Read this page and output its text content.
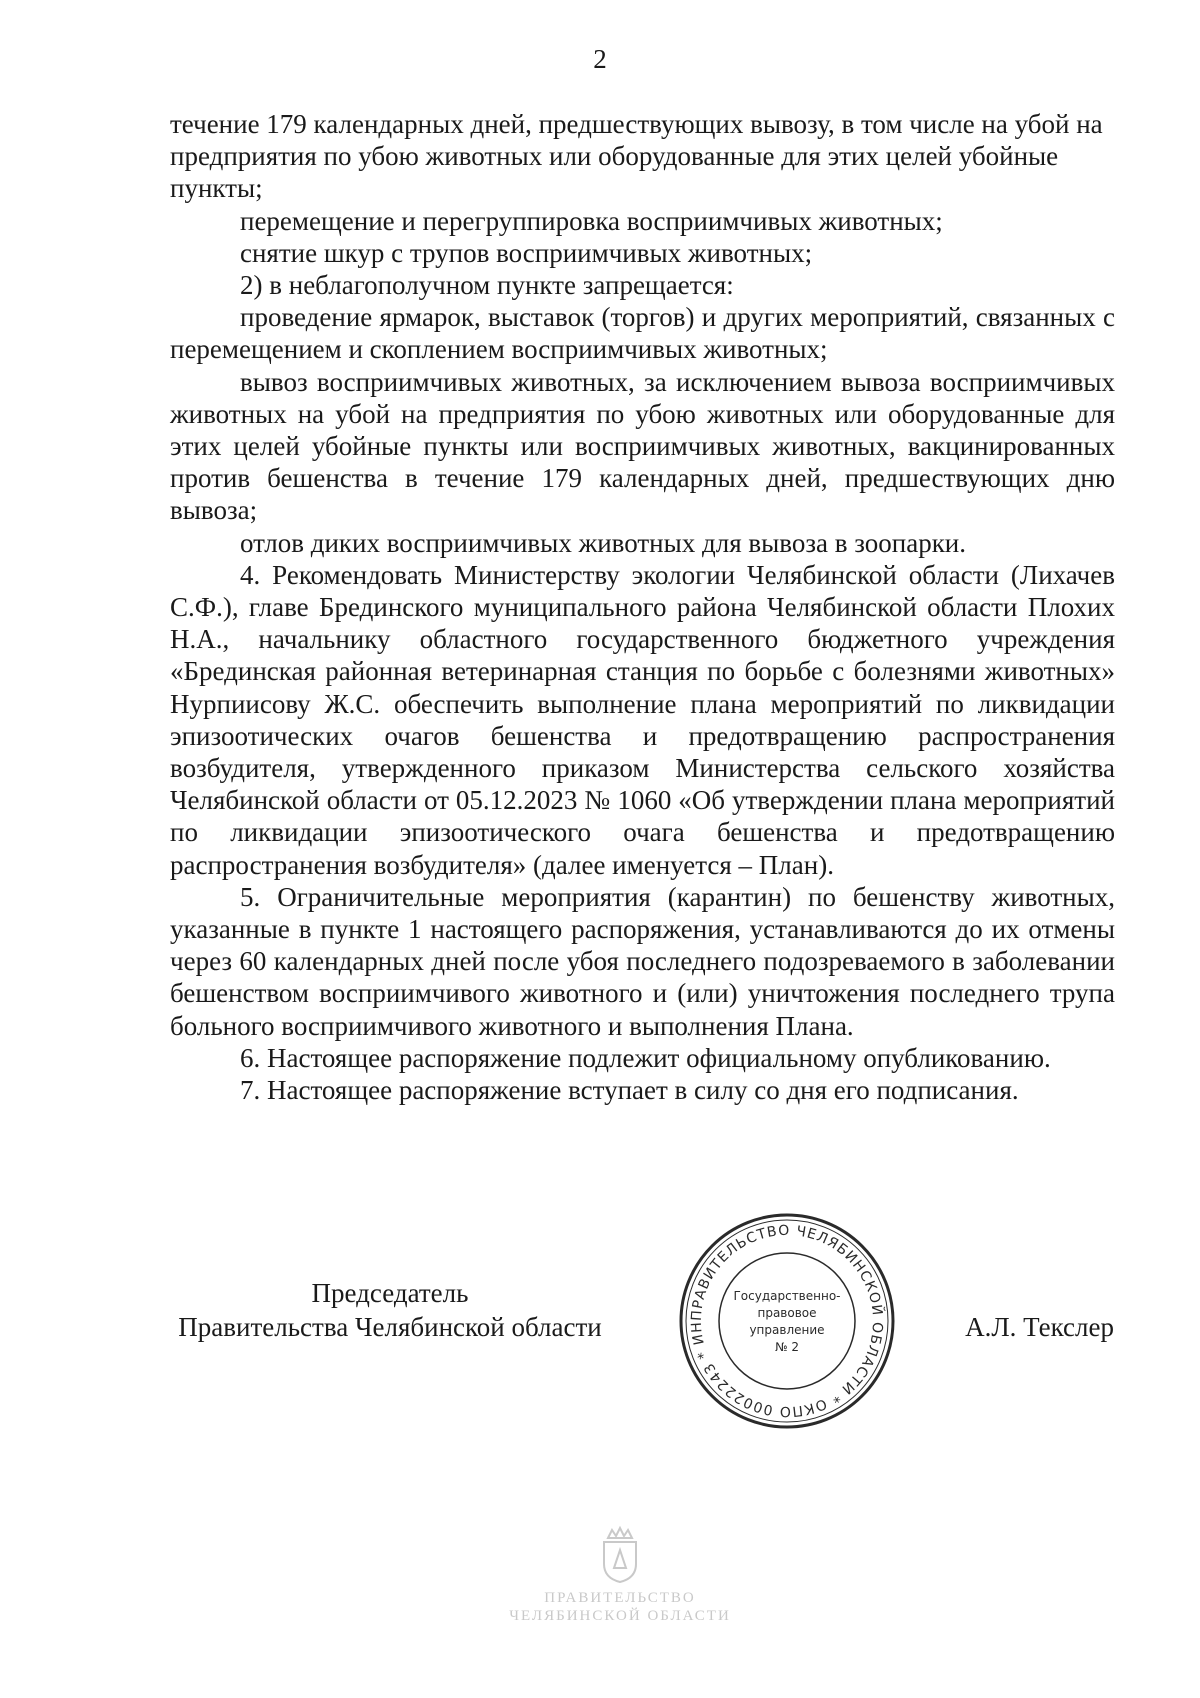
2

течение 179 календарных дней, предшествующих вывозу, в том числе на убой на предприятия по убою животных или оборудованные для этих целей убойные пункты;

перемещение и перегруппировка восприимчивых животных;

снятие шкур с трупов восприимчивых животных;

2) в неблагополучном пункте запрещается:

проведение ярмарок, выставок (торгов) и других мероприятий, связанных с перемещением и скоплением восприимчивых животных;

вывоз восприимчивых животных, за исключением вывоза восприимчивых животных на убой на предприятия по убою животных или оборудованные для этих целей убойные пункты или восприимчивых животных, вакцинированных против бешенства в течение 179 календарных дней, предшествующих дню вывоза;

отлов диких восприимчивых животных для вывоза в зоопарки.

4. Рекомендовать Министерству экологии Челябинской области (Лихачев С.Ф.), главе Брединского муниципального района Челябинской области Плохих Н.А., начальнику областного государственного бюджетного учреждения «Брединская районная ветеринарная станция по борьбе с болезнями животных» Нурпиисову Ж.С. обеспечить выполнение плана мероприятий по ликвидации эпизоотических очагов бешенства и предотвращению распространения возбудителя, утвержденного приказом Министерства сельского хозяйства Челябинской области от 05.12.2023 № 1060 «Об утверждении плана мероприятий по ликвидации эпизоотического очага бешенства и предотвращению распространения возбудителя» (далее именуется – План).

5. Ограничительные мероприятия (карантин) по бешенству животных, указанные в пункте 1 настоящего распоряжения, устанавливаются до их отмены через 60 календарных дней после убоя последнего подозреваемого в заболевании бешенством восприимчивого животного и (или) уничтожения последнего трупа больного восприимчивого животного и выполнения Плана.

6. Настоящее распоряжение подлежит официальному опубликованию.

7. Настоящее распоряжение вступает в силу со дня его подписания.

Председатель
Правительства Челябинской области	ПРАВИТЕЛЬСТВО ЧЕЛЯБИНСКОЙ ОБЛАСТИ * ОКПО 00022243 * ИН
Государственно-
правовое
управление
№ 2
А.Л. Текслер
ПРАВИТЕЛЬСТВО
ЧЕЛЯБИНСКОЙ ОБЛАСТИ
